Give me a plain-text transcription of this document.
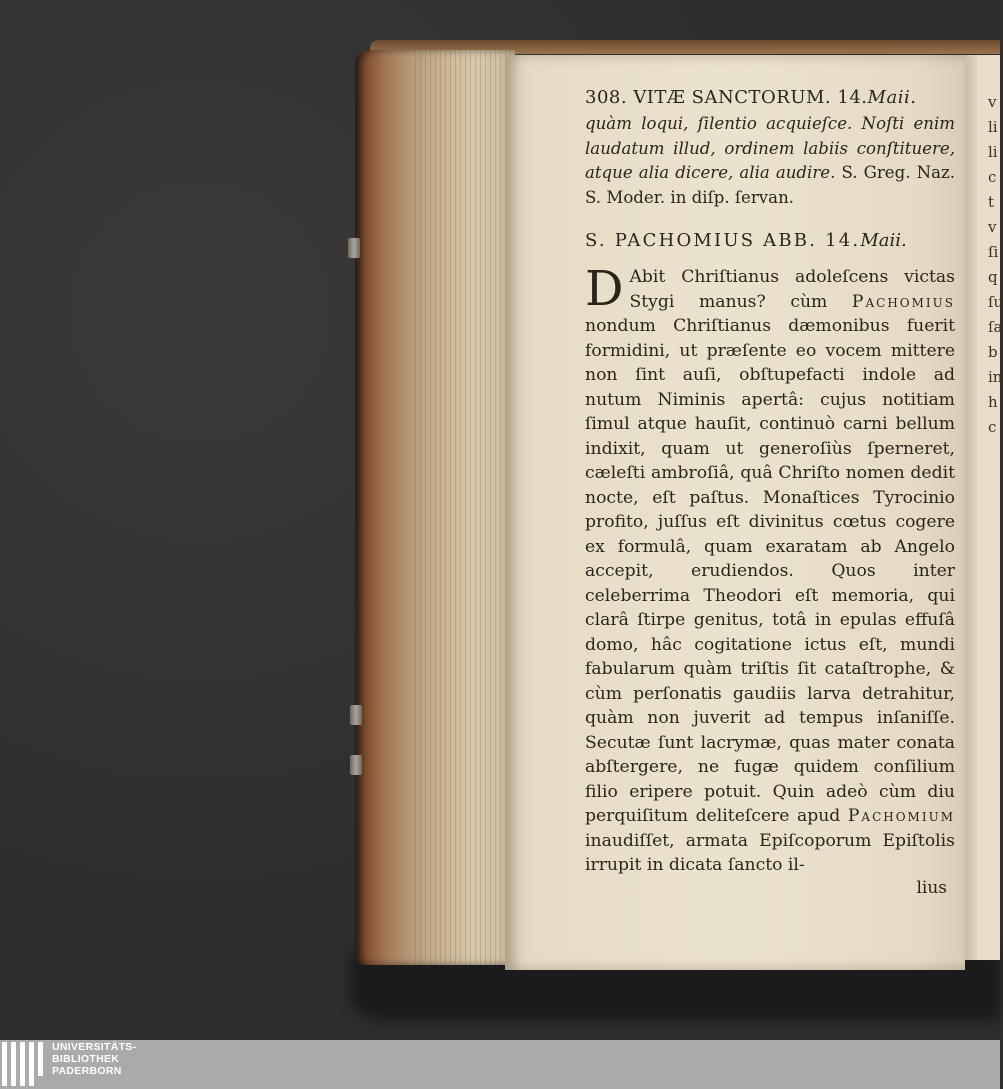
v
li
li
c
t
v
ſi
q
ſu
ſa
b
in
h
c
308. VITÆ SANCTORUM. 14.Maii.
quàm loqui, ſilentio acquieſce. Noſti enim laudatum illud, ordinem labiis conſtituere, atque alia dicere, alia audire. S. Greg. Naz. S. Moder. in diſp. ſervan.
S. PACHOMIUS ABB. 14.Maii.
D Abit Chriſtianus adoleſcens victas Stygi manus? cùm Pachomius nondum Chriſtianus dæmonibus fuerit formidini, ut præſente eo vocem mittere non ſint auſi, obſtupefacti indole ad nutum Niminis apertâ: cujus notitiam ſimul atque hauſit, continuò carni bellum indixit, quam ut generoſiùs ſperneret, cæleſti ambroſiâ, quâ Chriſto nomen dedit nocte, eſt paſtus. Monaſtices Tyrocinio profito, juſſus eſt divinitus cœtus cogere ex formulâ, quam exaratam ab Angelo accepit, erudiendos. Quos inter celeberrima Theodori eſt memoria, qui clarâ ſtirpe genitus, totâ in epulas effuſâ domo, hâc cogitatione ictus eſt, mundi fabularum quàm triſtis ſit cataſtrophe, & cùm perſonatis gaudiis larva detrahitur, quàm non juverit ad tempus inſaniſſe. Secutæ ſunt lacrymæ, quas mater conata abſtergere, ne fugæ quidem conſilium filio eripere potuit. Quin adeò cùm diu perquiſitum deliteſcere apud Pachomium inaudiſſet, armata Epiſcoporum Epiſtolis irrupit in dicata ſancto il-
lius
UNIVERSITÄTS-
BIBLIOTHEK
PADERBORN
